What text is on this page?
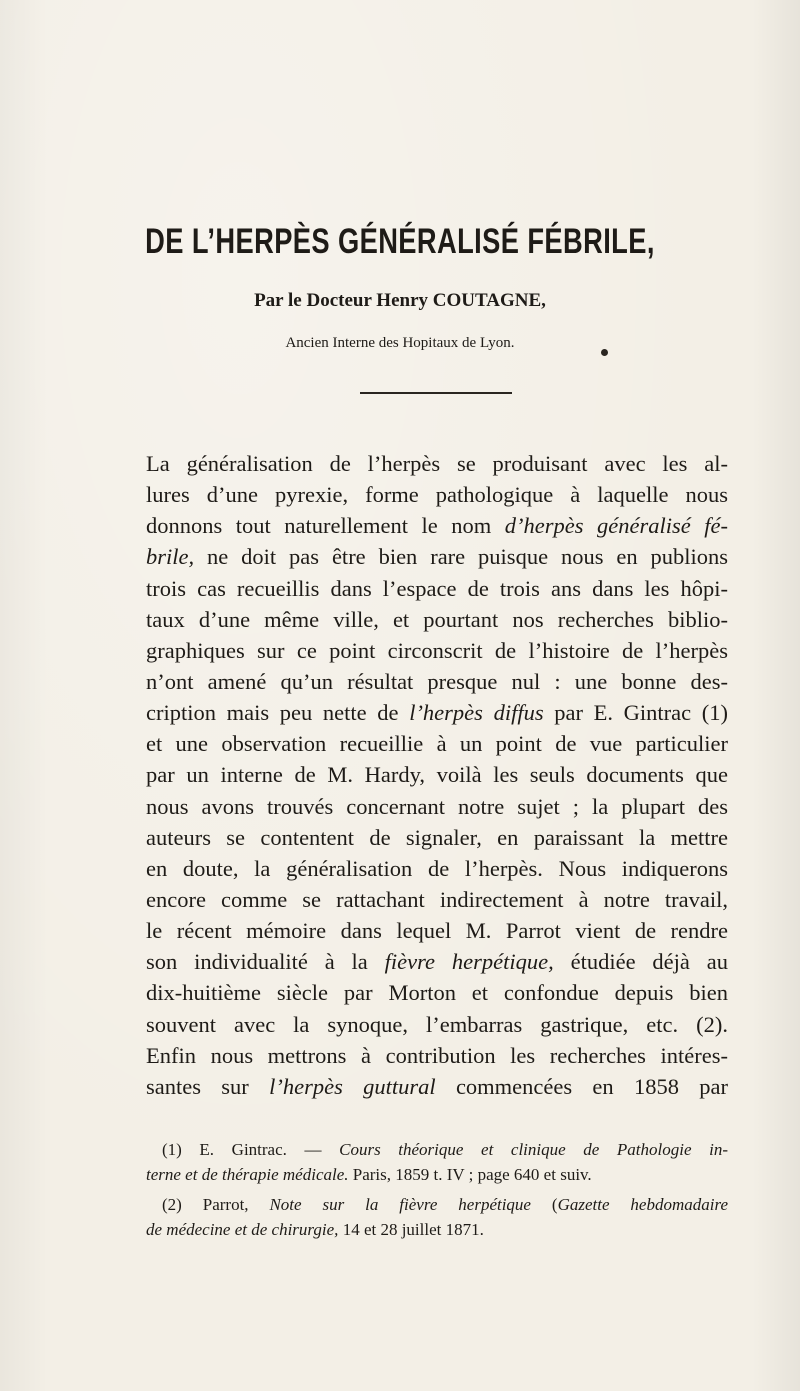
DE L’HERPÈS GÉNÉRALISÉ FÉBRILE,
Par le Docteur Henry COUTAGNE,
Ancien Interne des Hopitaux de Lyon.
La généralisation de l’herpès se produisant avec les al-
lures d’une pyrexie, forme pathologique à laquelle nous
donnons tout naturellement le nom d’herpès généralisé fé-
brile, ne doit pas être bien rare puisque nous en publions
trois cas recueillis dans l’espace de trois ans dans les hôpi-
taux d’une même ville, et pourtant nos recherches biblio-
graphiques sur ce point circonscrit de l’histoire de l’herpès
n’ont amené qu’un résultat presque nul : une bonne des-
cription mais peu nette de l’herpès diffus par E. Gintrac (1)
et une observation recueillie à un point de vue particulier
par un interne de M. Hardy, voilà les seuls documents que
nous avons trouvés concernant notre sujet ; la plupart des
auteurs se contentent de signaler, en paraissant la mettre
en doute, la généralisation de l’herpès. Nous indiquerons
encore comme se rattachant indirectement à notre travail,
le récent mémoire dans lequel M. Parrot vient de rendre
son individualité à la fièvre herpétique, étudiée déjà au
dix-huitième siècle par Morton et confondue depuis bien
souvent avec la synoque, l’embarras gastrique, etc. (2).
Enfin nous mettrons à contribution les recherches intéres-
santes sur l’herpès guttural commencées en 1858 par
(1) E. Gintrac. — Cours théorique et clinique de Pathologie in-
terne et de thérapie médicale. Paris, 1859 t. IV ; page 640 et suiv.
(2) Parrot, Note sur la fièvre herpétique (Gazette hebdomadaire
de médecine et de chirurgie, 14 et 28 juillet 1871.
